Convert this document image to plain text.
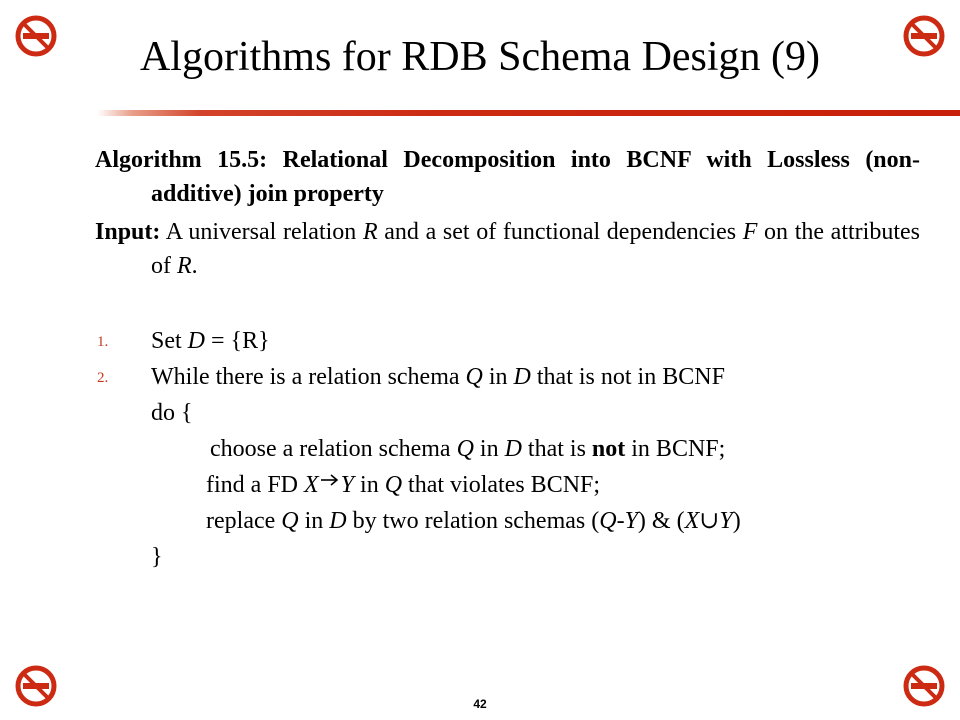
Algorithms for RDB Schema Design (9)

Algorithm 15.5: Relational Decomposition into BCNF with Lossless (non-additive) join property

Input: A universal relation R and a set of functional dependencies F on the attributes of R.

1. Set D = {R}

2. While there is a relation schema Q in D that is not in BCNF

do {

choose a relation schema Q in D that is not in BCNF;

find a FD X Y in Q that violates BCNF;

replace Q in D by two relation schemas (Q-Y) & (X∪Y)

}

42
